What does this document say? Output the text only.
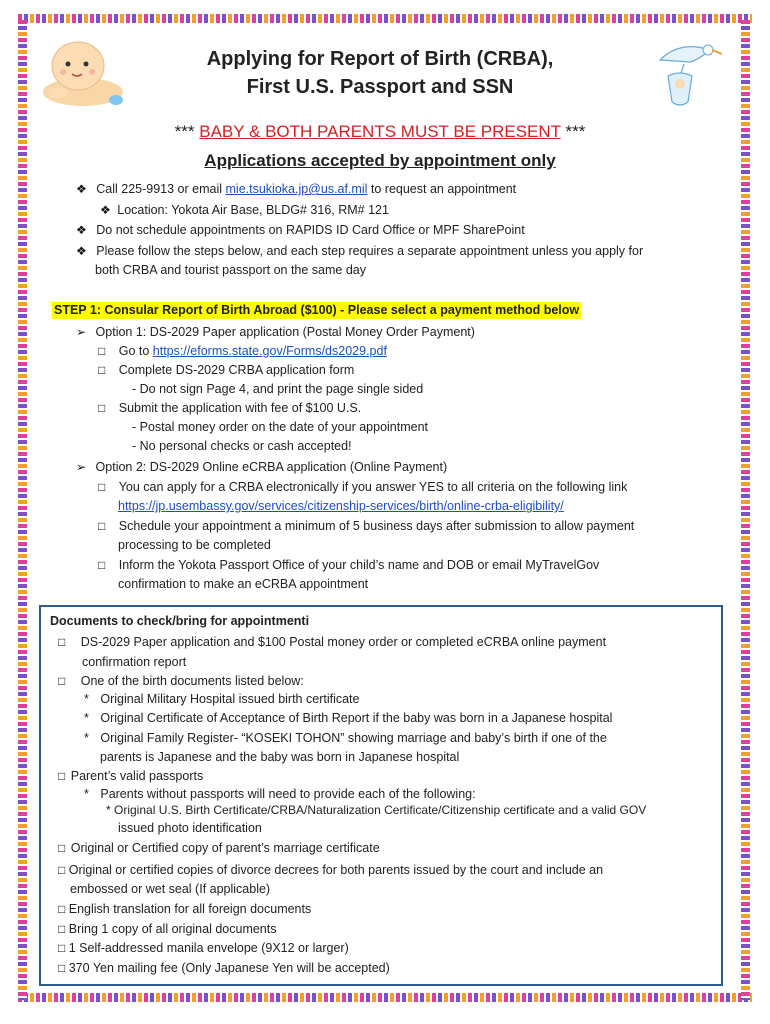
Applying for Report of Birth (CRBA),
First U.S. Passport and SSN
*** BABY & BOTH PARENTS MUST BE PRESENT ***
Applications accepted by appointment only
❖ Call 225-9913 or email mie.tsukioka.jp@us.af.mil to request an appointment
❖ Location: Yokota Air Base, BLDG# 316, RM# 121
❖ Do not schedule appointments on RAPIDS ID Card Office or MPF SharePoint
❖ Please follow the steps below, and each step requires a separate appointment unless you apply for
both CRBA and tourist passport on the same day
STEP 1: Consular Report of Birth Abroad ($100) - Please select a payment method below
➢ Option 1: DS-2029 Paper application (Postal Money Order Payment)
□ Go to https://eforms.state.gov/Forms/ds2029.pdf
□ Complete DS-2029 CRBA application form
- Do not sign Page 4, and print the page single sided
□ Submit the application with fee of $100 U.S.
- Postal money order on the date of your appointment
- No personal checks or cash accepted!
➢ Option 2: DS-2029 Online eCRBA application (Online Payment)
□ You can apply for a CRBA electronically if you answer YES to all criteria on the following link
https://jp.usembassy.gov/services/citizenship-services/birth/online-crba-eligibility/
□ Schedule your appointment a minimum of 5 business days after submission to allow payment
processing to be completed
□ Inform the Yokota Passport Office of your child’s name and DOB or email MyTravelGov
confirmation to make an eCRBA appointment
Documents to check/bring for appointmenti
□ DS-2029 Paper application and $100 Postal money order or completed eCRBA online payment
confirmation report
□ One of the birth documents listed below:
* Original Military Hospital issued birth certificate
* Original Certificate of Acceptance of Birth Report if the baby was born in a Japanese hospital
* Original Family Register- “KOSEKI TOHON” showing marriage and baby’s birth if one of the
parents is Japanese and the baby was born in Japanese hospital
□ Parent’s valid passports
* Parents without passports will need to provide each of the following:
* Original U.S. Birth Certificate/CRBA/Naturalization Certificate/Citizenship certificate and a valid GOV
issued photo identification
□ Original or Certified copy of parent’s marriage certificate
□ Original or certified copies of divorce decrees for both parents issued by the court and include an
embossed or wet seal (If applicable)
□ English translation for all foreign documents
□ Bring 1 copy of all original documents
□ 1 Self-addressed manila envelope (9X12 or larger)
□ 370 Yen mailing fee (Only Japanese Yen will be accepted)
